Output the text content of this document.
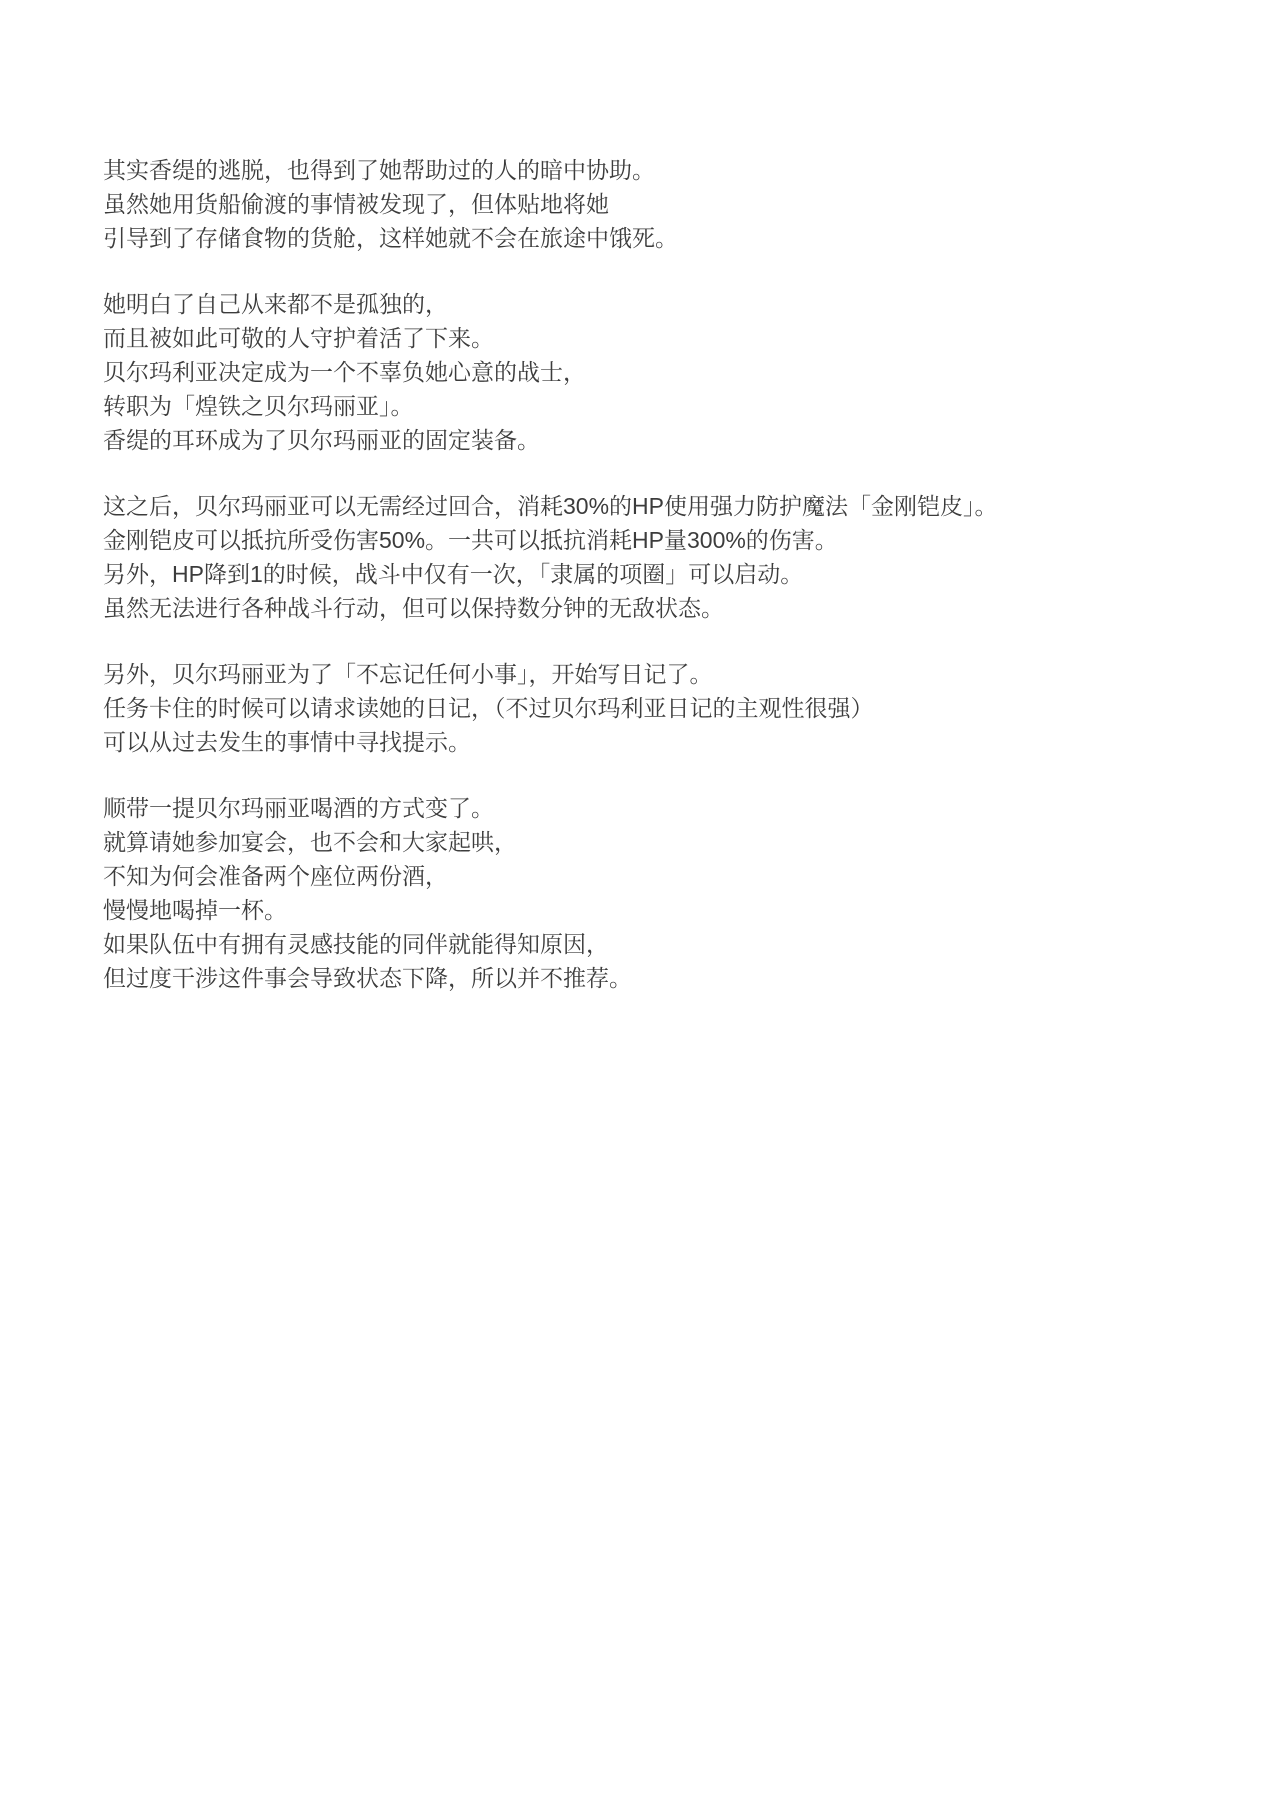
其实香缇的逃脱，也得到了她帮助过的人的暗中协助。
虽然她用货船偷渡的事情被发现了，但体贴地将她
引导到了存储食物的货舱，这样她就不会在旅途中饿死。

她明白了自己从来都不是孤独的，
而且被如此可敬的人守护着活了下来。
贝尔玛利亚决定成为一个不辜负她心意的战士，
转职为「煌铁之贝尔玛丽亚」。
香缇的耳环成为了贝尔玛丽亚的固定装备。

这之后，贝尔玛丽亚可以无需经过回合，消耗30%的HP使用强力防护魔法「金刚铠皮」。
金刚铠皮可以抵抗所受伤害50%。一共可以抵抗消耗HP量300%的伤害。
另外，HP降到1的时候，战斗中仅有一次，「隶属的项圈」可以启动。
虽然无法进行各种战斗行动，但可以保持数分钟的无敌状态。

另外，贝尔玛丽亚为了「不忘记任何小事」，开始写日记了。
任务卡住的时候可以请求读她的日记，（不过贝尔玛利亚日记的主观性很强）
可以从过去发生的事情中寻找提示。

顺带一提贝尔玛丽亚喝酒的方式变了。
就算请她参加宴会，也不会和大家起哄，
不知为何会准备两个座位两份酒，
慢慢地喝掉一杯。
如果队伍中有拥有灵感技能的同伴就能得知原因，
但过度干涉这件事会导致状态下降，所以并不推荐。
